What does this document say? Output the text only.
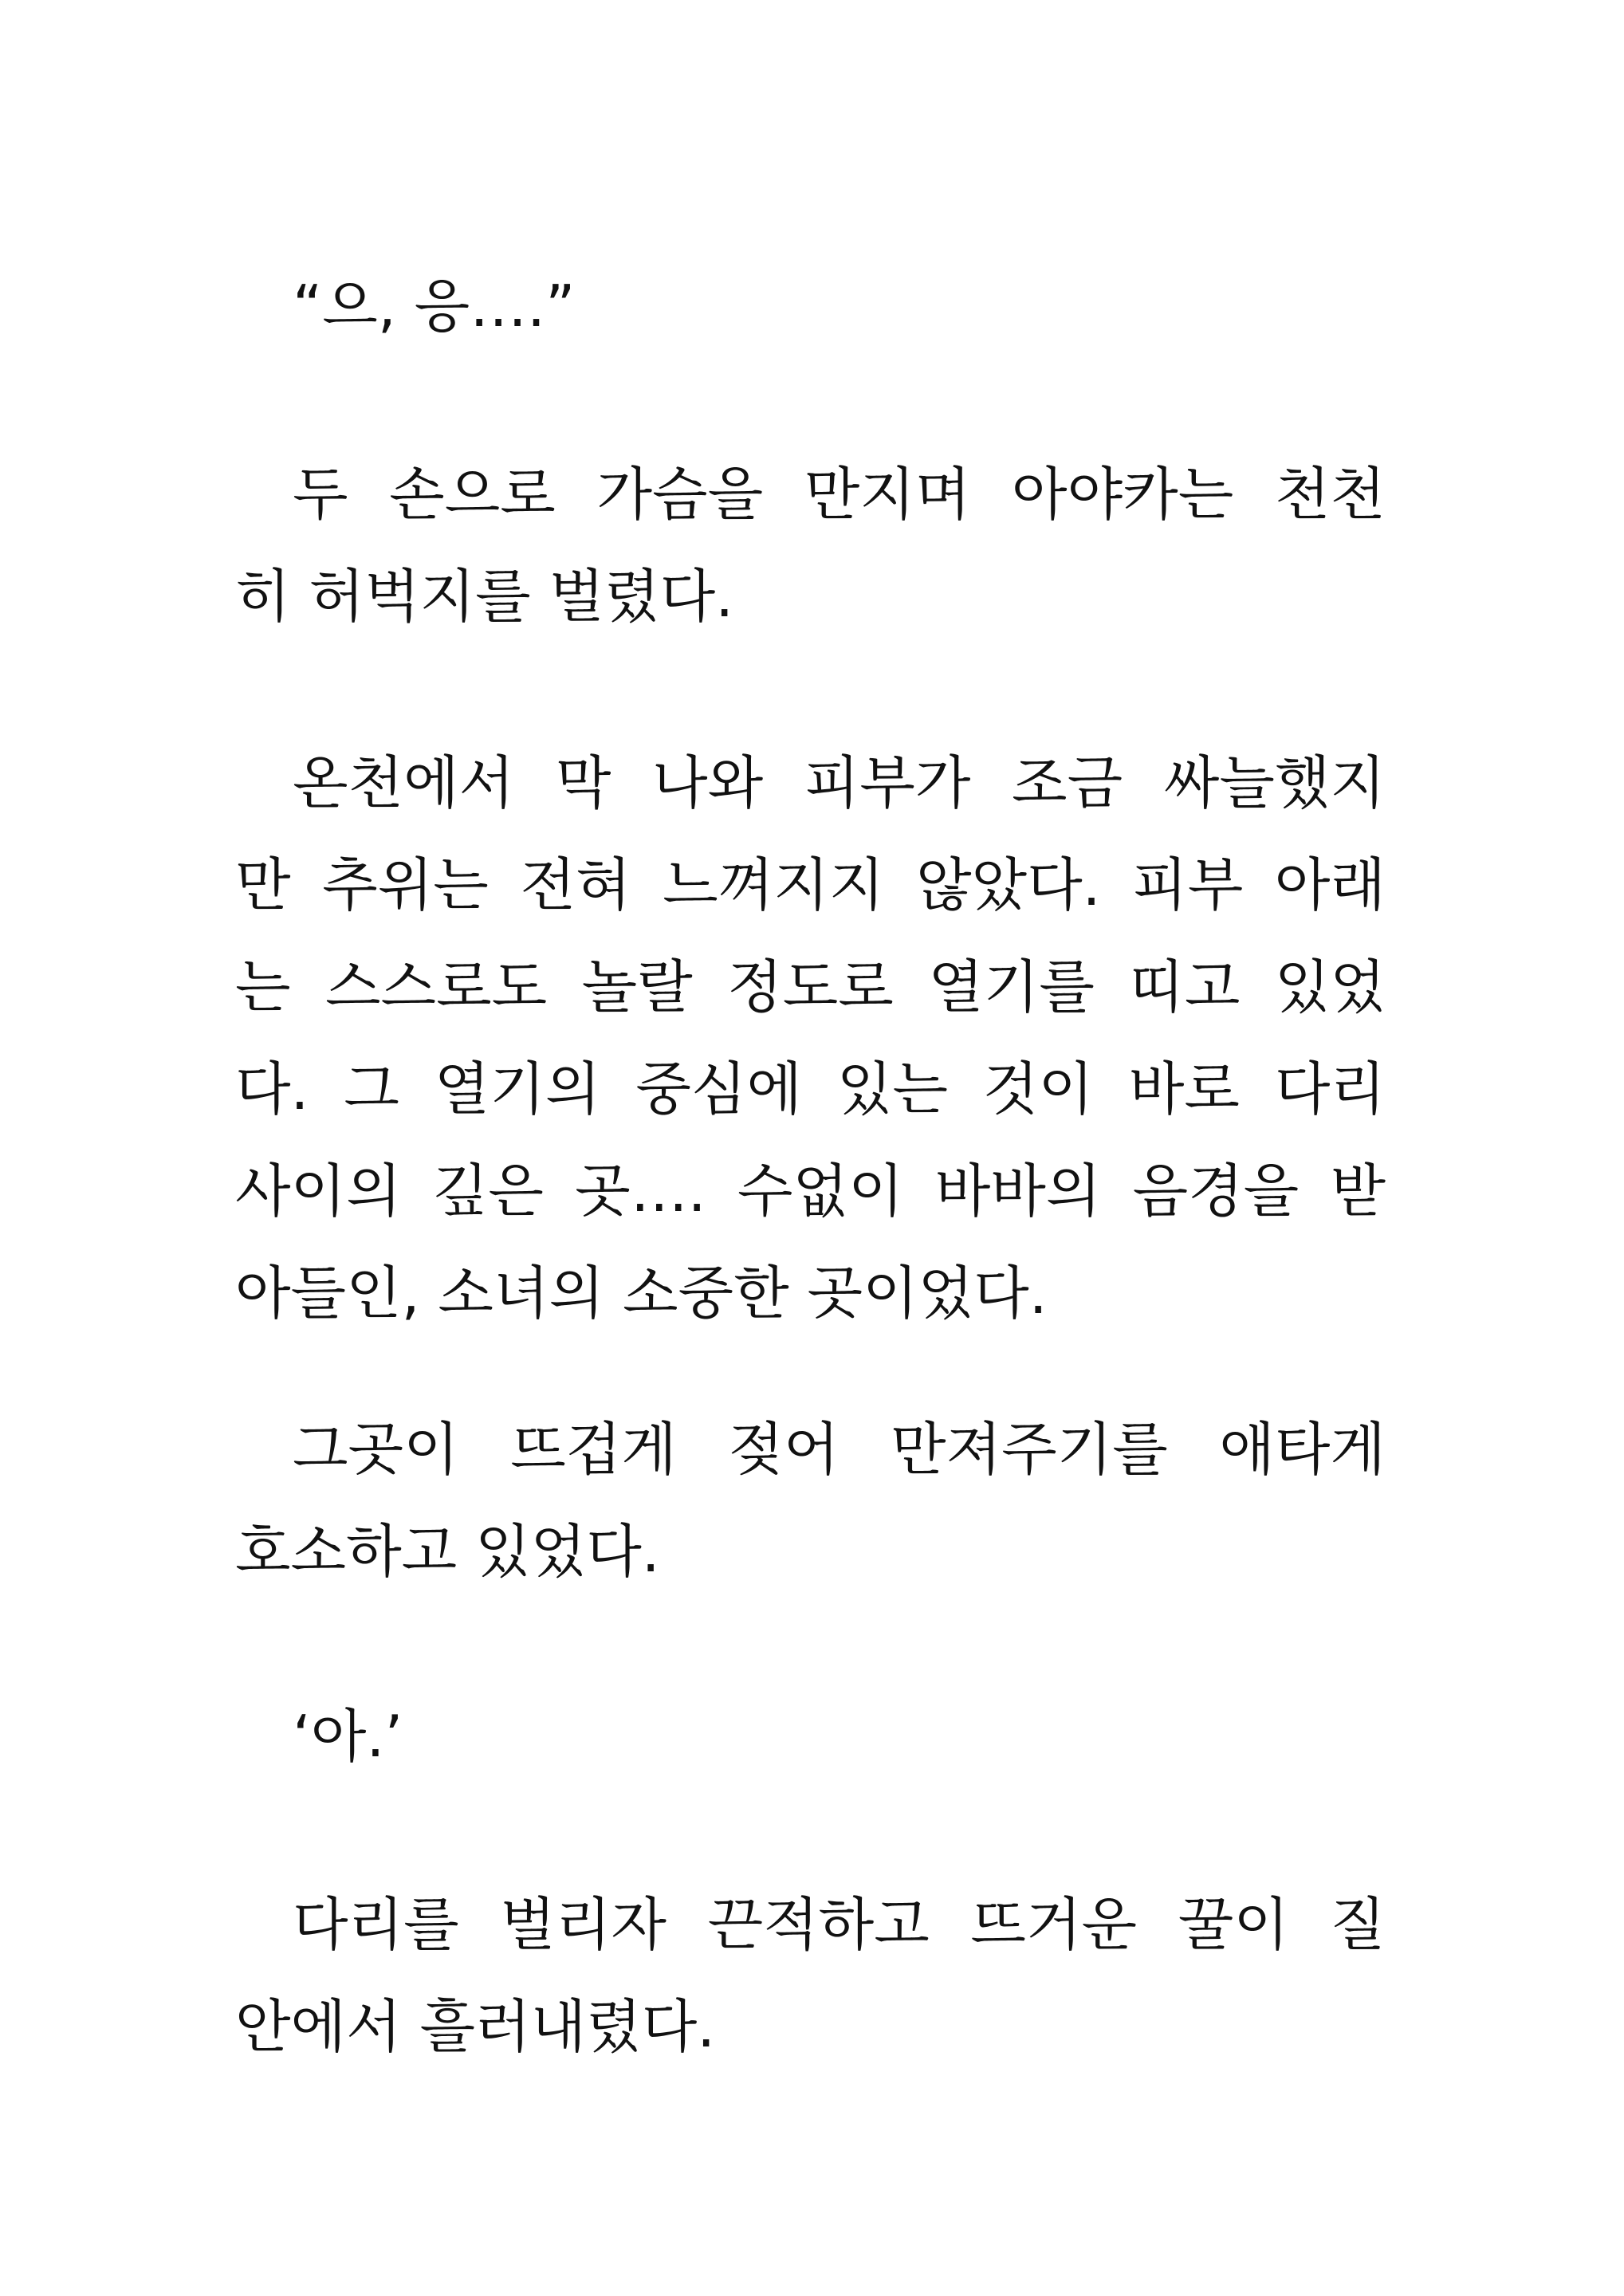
“으, 응….”
두 손으로 가슴을 만지며 아야카는 천천
히 허벅지를 벌렸다.
온천에서 막 나와 피부가 조금 싸늘했지
만 추위는 전혀 느껴지지 않았다. 피부 아래
는 스스로도 놀랄 정도로 열기를 띠고 있었
다. 그 열기의 중심에 있는 것이 바로 다리
사이의 깊은 곳…. 수없이 바바의 음경을 받
아들인, 소녀의 소중한 곳이었다.
그곳이 뜨겁게 젖어 만져주기를 애타게
호소하고 있었다.
‘아.’
다리를 벌리자 끈적하고 뜨거운 꿀이 질
안에서 흘러내렸다.
